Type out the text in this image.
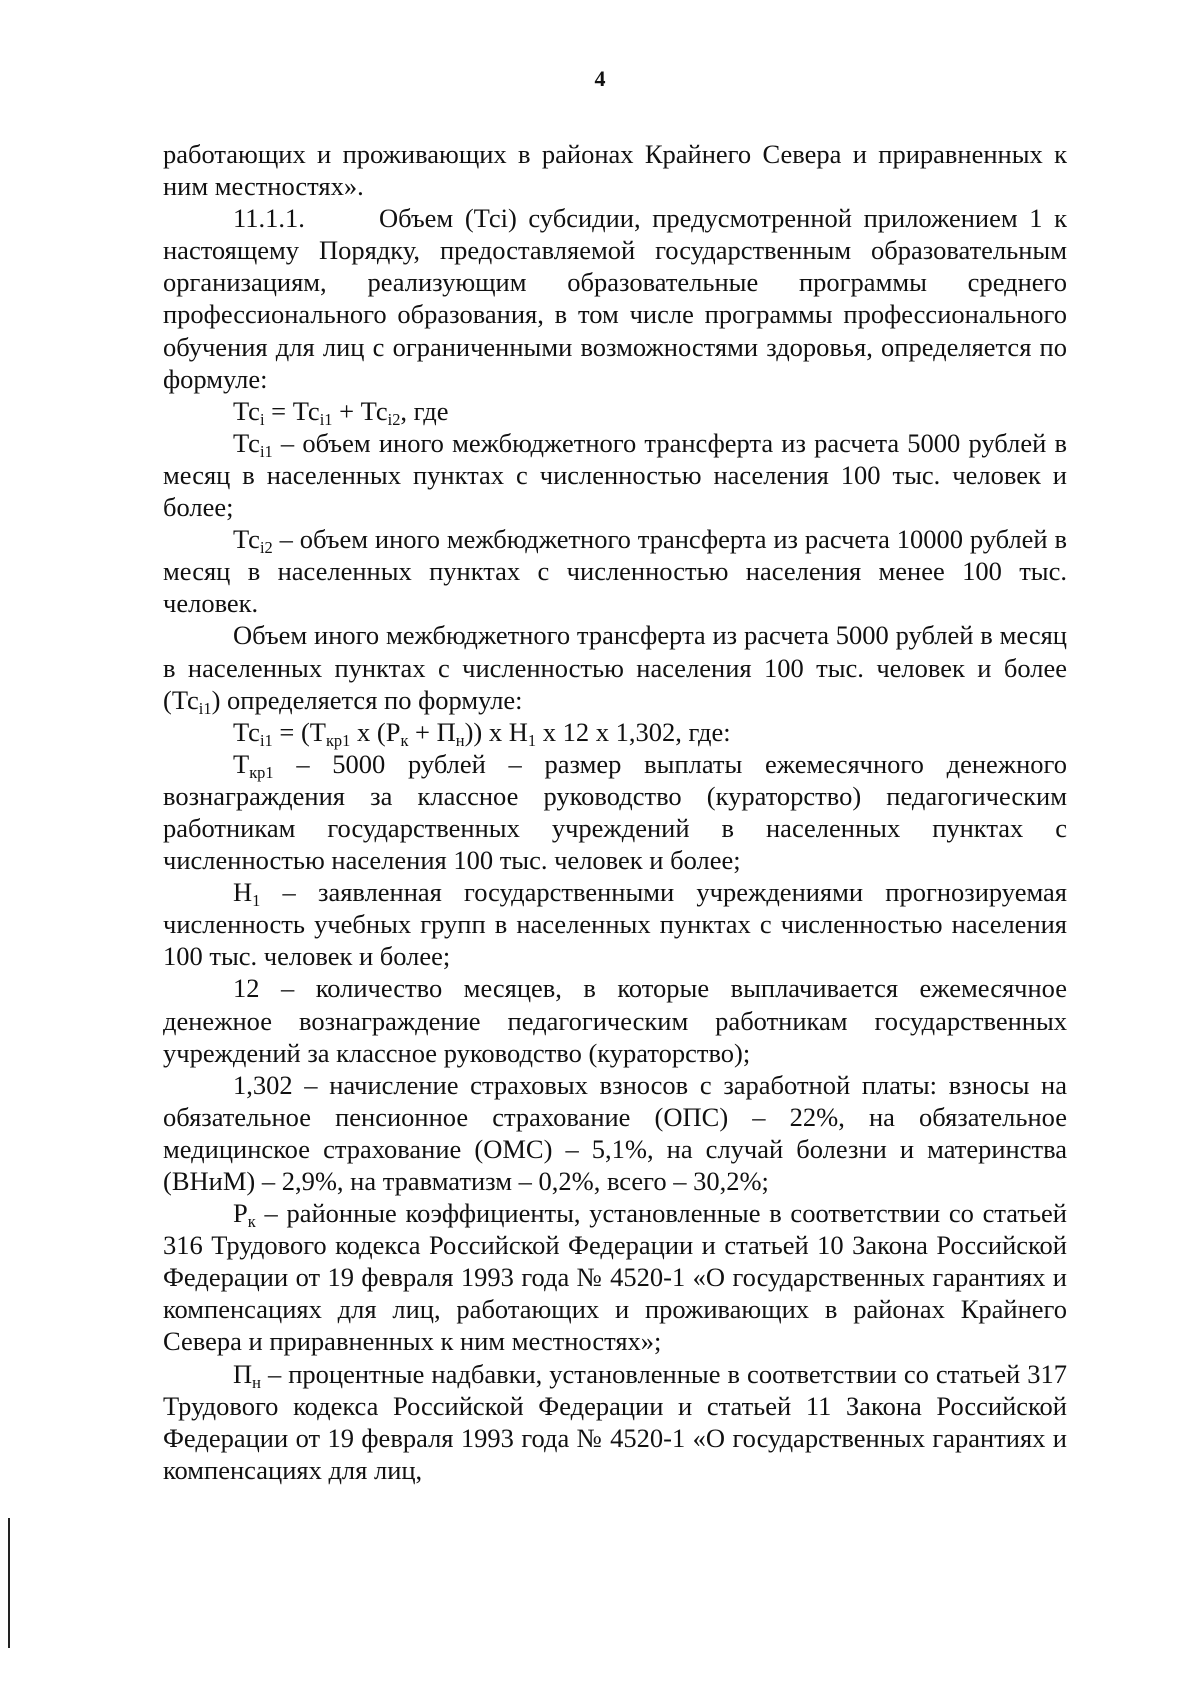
4

работающих и проживающих в районах Крайнего Севера и приравненных к ним местностях».

11.1.1.	Объем (Тсi) субсидии, предусмотренной приложением 1 к настоящему Порядку, предоставляемой государственным образовательным организациям, реализующим образовательные программы среднего профессионального образования, в том числе программы профессионального обучения для лиц с ограниченными возможностями здоровья, определяется по формуле:

$Тс_i = Тс_{i1} + Тс_{i2}$, где

$Тс_{i1}$ – объем иного межбюджетного трансферта из расчета 5000 рублей в месяц в населенных пунктах с численностью населения 100 тыс. человек и более;

$Тс_{i2}$ – объем иного межбюджетного трансферта из расчета 10000 рублей в месяц в населенных пунктах с численностью населения менее 100 тыс. человек.

Объем иного межбюджетного трансферта из расчета 5000 рублей в месяц в населенных пунктах с численностью населения 100 тыс. человек и более $(Тс_{i1})$ определяется по формуле:

$Тс_{i1} = (Т_{кр1}$ х $(Р_к + П_н)$) х $Н_1$ х 12 х 1,302, где:

$Т_{кр1} - 5000$ рублей – размер выплаты ежемесячного денежного вознаграждения за классное руководство (кураторство) педагогическим работникам государственных учреждений в населенных пунктах с численностью населения 100 тыс. человек и более;

$Н_1$ – заявленная государственными учреждениями прогнозируемая численность учебных групп в населенных пунктах с численностью населения 100 тыс. человек и более;

12 – количество месяцев, в которые выплачивается ежемесячное денежное вознаграждение педагогическим работникам государственных учреждений за классное руководство (кураторство);

1,302 – начисление страховых взносов с заработной платы: взносы на обязательное пенсионное страхование (ОПС) – 22%, на обязательное медицинское страхование (ОМС) – 5,1%, на случай болезни и материнства (ВНиМ) – 2,9%, на травматизм – 0,2%, всего – 30,2%;

$Р_к$ – районные коэффициенты, установленные в соответствии со статьей 316 Трудового кодекса Российской Федерации и статьей 10 Закона Российской Федерации от 19 февраля 1993 года № 4520-1 «О государственных гарантиях и компенсациях для лиц, работающих и проживающих в районах Крайнего Севера и приравненных к ним местностях»;

$П_н$ – процентные надбавки, установленные в соответствии со статьей 317 Трудового кодекса Российской Федерации и статьей 11 Закона Российской Федерации от 19 февраля 1993 года № 4520-1 «О государственных гарантиях и компенсациях для лиц,
